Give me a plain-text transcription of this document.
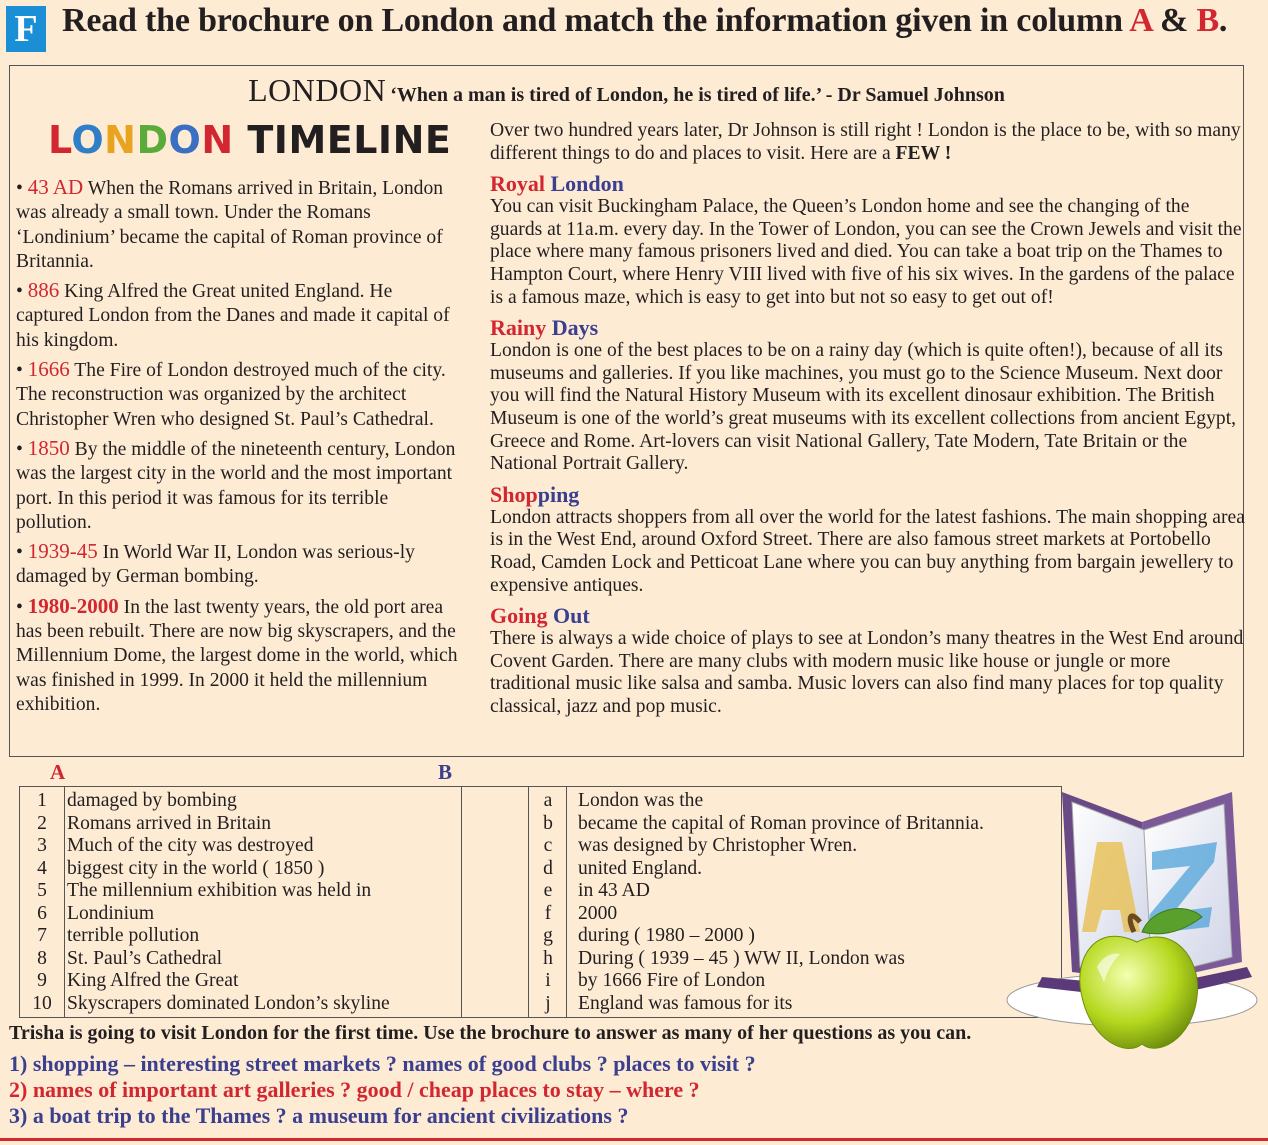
F Read the brochure on London and match the information given in column A & B.
LONDON ‘When a man is tired of London, he is tired of life.’ - Dr Samuel Johnson
LONDON TIMELINE
• 43 AD When the Romans arrived in Britain, London was already a small town. Under the Romans ‘Londinium’ became the capital of Roman province of Britannia.
• 886 King Alfred the Great united England. He captured London from the Danes and made it capital of his kingdom.
• 1666 The Fire of London destroyed much of the city. The reconstruction was organized by the architect Christopher Wren who designed St. Paul’s Cathedral.
• 1850 By the middle of the nineteenth century, London was the largest city in the world and the most important port. In this period it was famous for its terrible pollution.
• 1939-45 In World War II, London was serious-ly damaged by German bombing.
• 1980-2000 In the last twenty years, the old port area has been rebuilt. There are now big skyscrapers, and the Millennium Dome, the largest dome in the world, which was finished in 1999. In 2000 it held the millennium exhibition.

Over two hundred years later, Dr Johnson is still right ! London is the place to be, with so many different things to do and places to visit. Here are a FEW !

Royal London

You can visit Buckingham Palace, the Queen’s London home and see the changing of the guards at 11a.m. every day. In the Tower of London, you can see the Crown Jewels and visit the place where many famous prisoners lived and died. You can take a boat trip on the Thames to Hampton Court, where Henry VIII lived with five of his six wives. In the gardens of the palace is a famous maze, which is easy to get into but not so easy to get out of!

Rainy Days

London is one of the best places to be on a rainy day (which is quite often!), because of all its museums and galleries. If you like machines, you must go to the Science Museum. Next door you will find the Natural History Museum with its excellent dinosaur exhibition. The British Museum is one of the world’s great museums with its excellent collections from ancient Egypt, Greece and Rome. Art-lovers can visit National Gallery, Tate Modern, Tate Britain or the National Portrait Gallery.

Shopping

London attracts shoppers from all over the world for the latest fashions. The main shopping area is in the West End, around Oxford Street. There are also famous street markets at Portobello Road, Camden Lock and Petticoat Lane where you can buy anything from bargain jewellery to expensive antiques.

Going Out

There is always a wide choice of plays to see at London’s many theatres in the West End around Covent Garden. There are many clubs with modern music like house or jungle or more traditional music like salsa and samba. Music lovers can also find many places for top quality classical, jazz and pop music.

A	B
1	damaged by bombing	a	London was the
2	Romans arrived in Britain	b	became the capital of Roman province of Britannia.
3	Much of the city was destroyed	c	was designed by Christopher Wren.
4	biggest city in the world ( 1850 )	d	united England.
5	The millennium exhibition was held in	e	in 43 AD
6	Londinium	f	2000
7	terrible pollution	g	during ( 1980 – 2000 )
8	St. Paul’s Cathedral	h	During ( 1939 – 45 ) WW II, London was
9	King Alfred the Great	i	by 1666 Fire of London
10 Skyscrapers dominated London’s skyline	j	England was famous for its
Trisha is going to visit London for the first time. Use the brochure to answer as many of her questions as you can.
1) shopping – interesting street markets ? names of good clubs ? places to visit ?
2) names of important art galleries ? good / cheap places to stay – where ?
3) a boat trip to the Thames ? a museum for ancient civilizations ?
